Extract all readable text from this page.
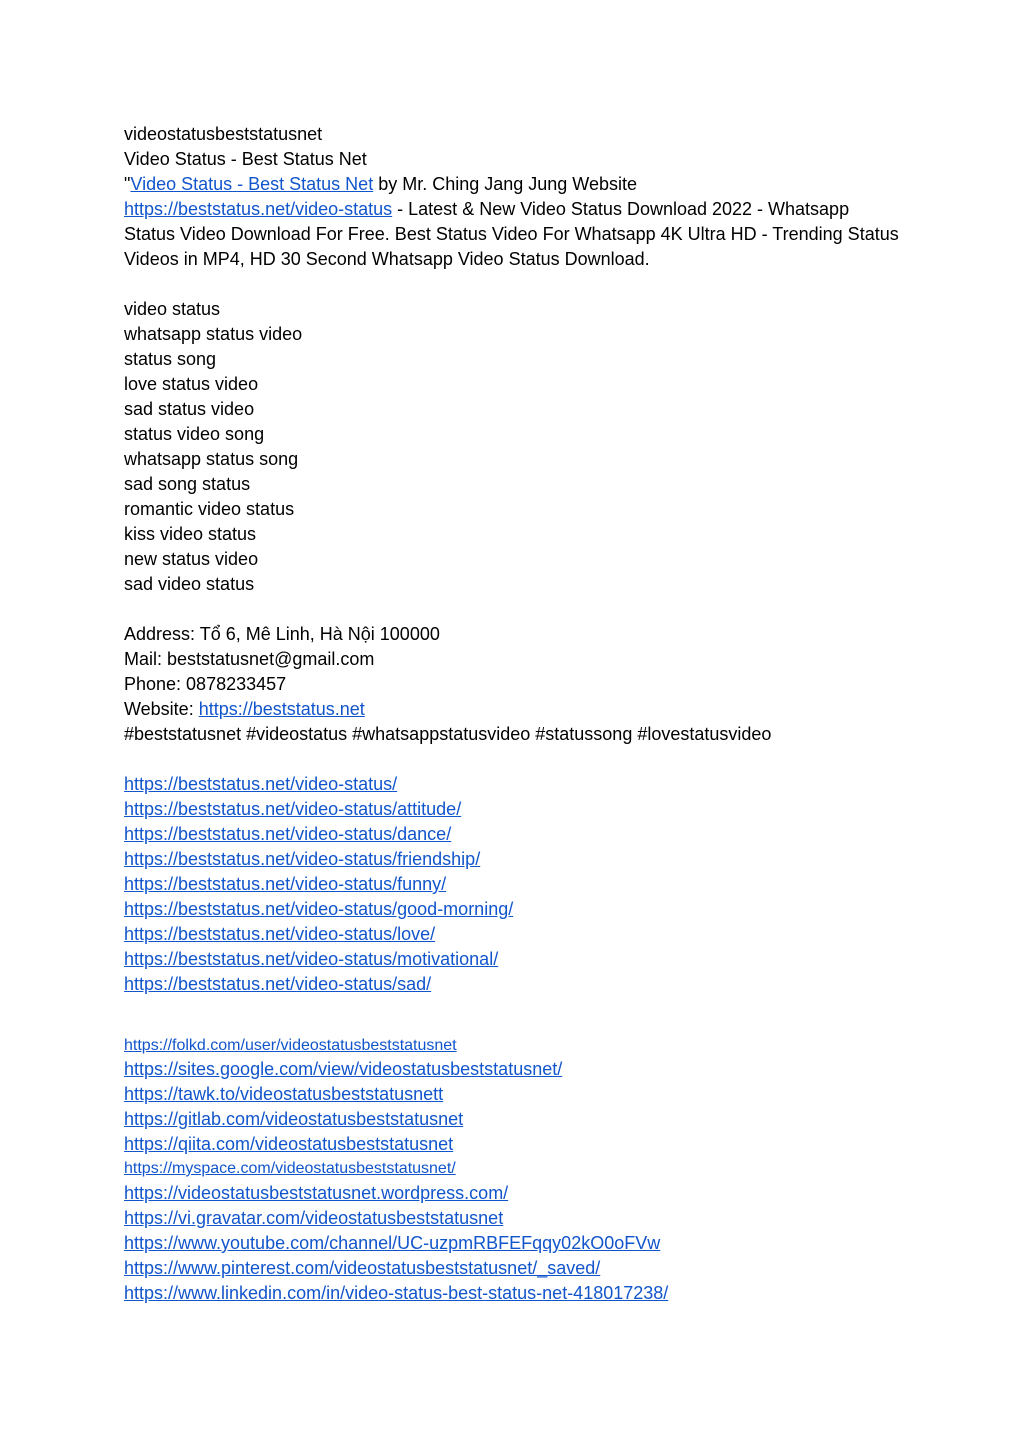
videostatusbeststatusnet
Video Status - Best Status Net
"Video Status - Best Status Net by Mr. Ching Jang Jung Website
https://beststatus.net/video-status - Latest & New Video Status Download 2022 - Whatsapp Status Video Download For Free. Best Status Video For Whatsapp 4K Ultra HD - Trending Status Videos in MP4, HD 30 Second Whatsapp Video Status Download.
video status
whatsapp status video
status song
love status video
sad status video
status video song
whatsapp status song
sad song status
romantic video status
kiss video status
new status video
sad video status
Address: Tổ 6, Mê Linh, Hà Nội 100000
Mail: beststatusnet@gmail.com
Phone: 0878233457
Website: https://beststatus.net
#beststatusnet #videostatus #whatsappstatusvideo #statussong #lovestatusvideo
https://beststatus.net/video-status/
https://beststatus.net/video-status/attitude/
https://beststatus.net/video-status/dance/
https://beststatus.net/video-status/friendship/
https://beststatus.net/video-status/funny/
https://beststatus.net/video-status/good-morning/
https://beststatus.net/video-status/love/
https://beststatus.net/video-status/motivational/
https://beststatus.net/video-status/sad/
https://folkd.com/user/videostatusbeststatusnet
https://sites.google.com/view/videostatusbeststatusnet/
https://tawk.to/videostatusbeststatusnett
https://gitlab.com/videostatusbeststatusnet
https://qiita.com/videostatusbeststatusnet
https://myspace.com/videostatusbeststatusnet/
https://videostatusbeststatusnet.wordpress.com/
https://vi.gravatar.com/videostatusbeststatusnet
https://www.youtube.com/channel/UC-uzpmRBFEFqqy02kO0oFVw
https://www.pinterest.com/videostatusbeststatusnet/_saved/
https://www.linkedin.com/in/video-status-best-status-net-418017238/
